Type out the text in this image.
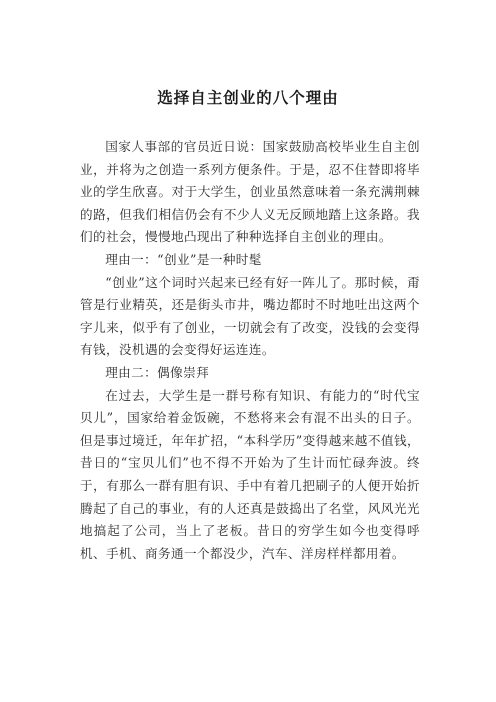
选择自主创业的八个理由

国家人事部的官员近日说：国家鼓励高校毕业生自主创业，并将为之创造一系列方便条件。于是，忍不住替即将毕业的学生欣喜。对于大学生，创业虽然意味着一条充满荆棘的路，但我们相信仍会有不少人义无反顾地踏上这条路。我们的社会，慢慢地凸现出了种种选择自主创业的理由。

理由一：“创业”是一种时髦

“创业”这个词时兴起来已经有好一阵儿了。那时候，甭管是行业精英，还是街头市井，嘴边都时不时地吐出这两个字儿来，似乎有了创业，一切就会有了改变，没钱的会变得有钱，没机遇的会变得好运连连。

理由二：偶像崇拜

在过去，大学生是一群号称有知识、有能力的“时代宝贝儿”，国家给着金饭碗，不愁将来会有混不出头的日子。但是事过境迁，年年扩招，“本科学历”变得越来越不值钱，昔日的“宝贝儿们”也不得不开始为了生计而忙碌奔波。终于，有那么一群有胆有识、手中有着几把刷子的人便开始折腾起了自己的事业，有的人还真是鼓捣出了名堂，风风光光地搞起了公司，当上了老板。昔日的穷学生如今也变得呼机、手机、商务通一个都没少，汽车、洋房样样都用着。
